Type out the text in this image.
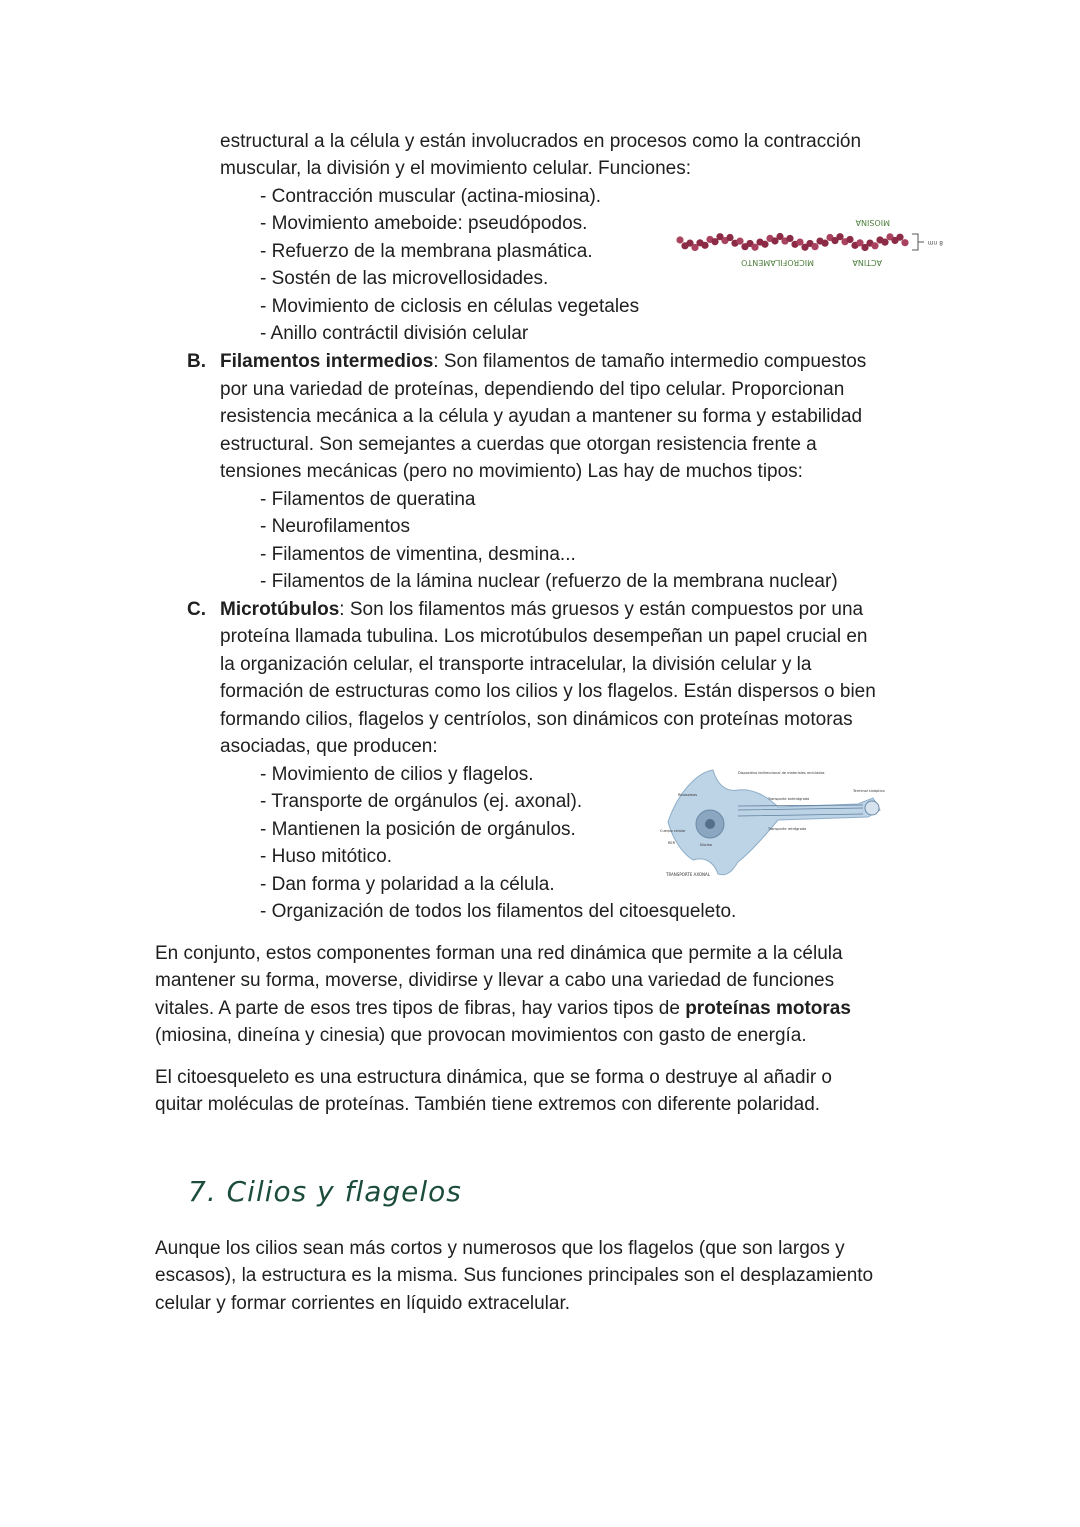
estructural a la célula y están involucrados en procesos como la contracción
muscular, la división y el movimiento celular. Funciones:
- Contracción muscular (actina-miosina).
- Movimiento ameboide: pseudópodos.
- Refuerzo de la membrana plasmática.
- Sostén de las microvellosidades.
- Movimiento de ciclosis en células vegetales
- Anillo contráctil división celular
MIOSINA
MICROFILAMENTO	ACTINA
8 nm
B. Filamentos intermedios: Son filamentos de tamaño intermedio compuestos
por una variedad de proteínas, dependiendo del tipo celular. Proporcionan
resistencia mecánica a la célula y ayudan a mantener su forma y estabilidad
estructural. Son semejantes a cuerdas que otorgan resistencia frente a
tensiones mecánicas (pero no movimiento) Las hay de muchos tipos:
- Filamentos de queratina
- Neurofilamentos
- Filamentos de vimentina, desmina...
- Filamentos de la lámina nuclear (refuerzo de la membrana nuclear)
C. Microtúbulos: Son los filamentos más gruesos y están compuestos por una
proteína llamada tubulina. Los microtúbulos desempeñan un papel crucial en
la organización celular, el transporte intracelular, la división celular y la
formación de estructuras como los cilios y los flagelos. Están dispersos o bien
formando cilios, flagelos y centríolos, son dinámicos con proteínas motoras
asociadas, que producen:
- Movimiento de cilios y flagelos.
- Transporte de orgánulos (ej. axonal).
- Mantienen la posición de orgánulos.
- Huso mitótico.
- Dan forma y polaridad a la célula.
- Organización de todos los filamentos del citoesqueleto.
Dispositivo bidireccional de materiales reciclados
Transporte anterógrado
Transporte retrógrado
Terminal sináptica
Ribosomas
Cuerpo celular
Núcleo
RER
TRANSPORTE AXONAL
En conjunto, estos componentes forman una red dinámica que permite a la célula
mantener su forma, moverse, dividirse y llevar a cabo una variedad de funciones
vitales. A parte de esos tres tipos de fibras, hay varios tipos de proteínas motoras
(miosina, dineína y cinesia) que provocan movimientos con gasto de energía.
El citoesqueleto es una estructura dinámica, que se forma o destruye al añadir o
quitar moléculas de proteínas. También tiene extremos con diferente polaridad.
7. Cilios y flagelos
Aunque los cilios sean más cortos y numerosos que los flagelos (que son largos y
escasos), la estructura es la misma. Sus funciones principales son el desplazamiento
celular y formar corrientes en líquido extracelular.
